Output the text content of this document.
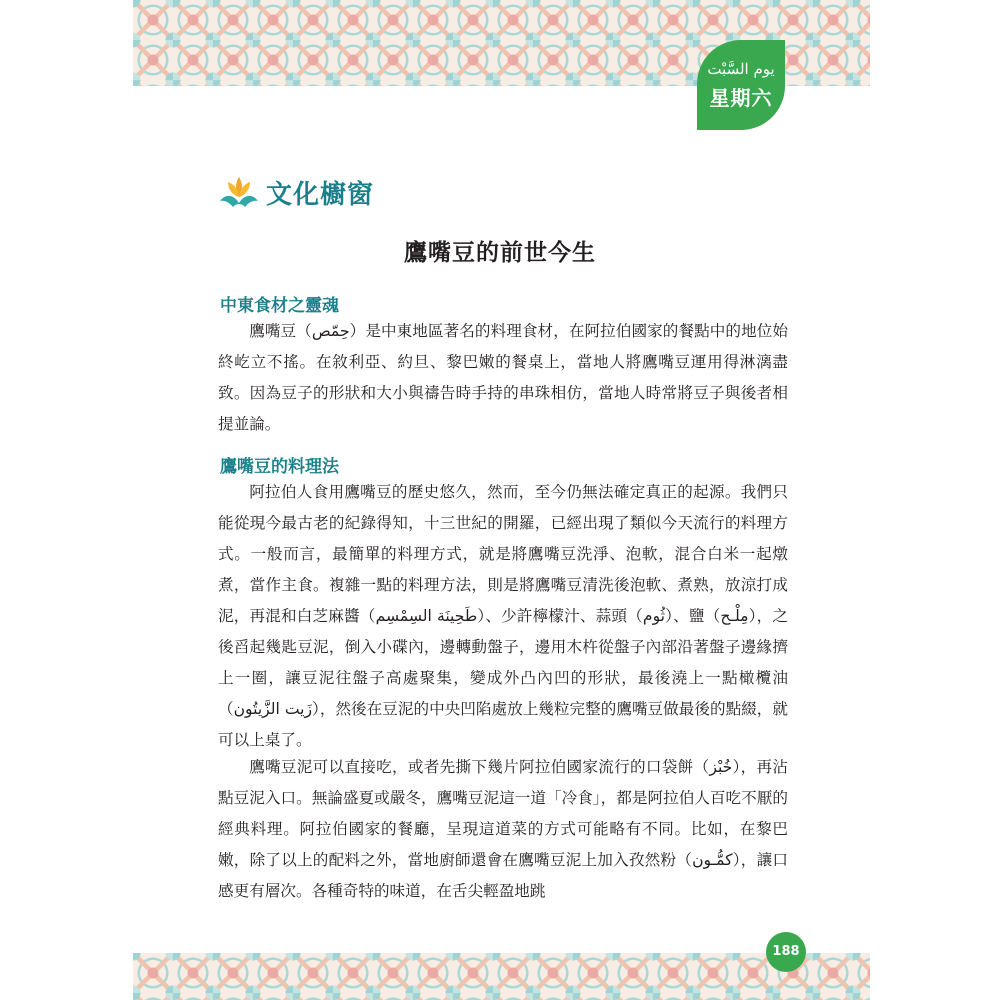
يوم السَّبْت
星期六
文化櫥窗
鷹嘴豆的前世今生
中東食材之靈魂

鷹嘴豆（حِمّص）是中東地區著名的料理食材，在阿拉伯國家的餐點中的地位始終屹立不搖。在敘利亞、約旦、黎巴嫩的餐桌上，當地人將鷹嘴豆運用得淋漓盡致。因為豆子的形狀和大小與禱告時手持的串珠相仿，當地人時常將豆子與後者相提並論。

鷹嘴豆的料理法

阿拉伯人食用鷹嘴豆的歷史悠久，然而，至今仍無法確定真正的起源。我們只能從現今最古老的紀錄得知，十三世紀的開羅，已經出現了類似今天流行的料理方式。一般而言，最簡單的料理方式，就是將鷹嘴豆洗淨、泡軟，混合白米一起燉煮，當作主食。複雜一點的料理方法，則是將鷹嘴豆清洗後泡軟、煮熟，放涼打成泥，再混和白芝麻醬（طَحِينَة السِمْسِم）、少許檸檬汁、蒜頭（ثُوم）、鹽（مِلْـح），之後舀起幾匙豆泥，倒入小碟內，邊轉動盤子，邊用木杵從盤子內部沿著盤子邊緣擠上一圈，讓豆泥往盤子高處聚集，變成外凸內凹的形狀，最後澆上一點橄欖油（زَيت الزَّيتُون），然後在豆泥的中央凹陷處放上幾粒完整的鷹嘴豆做最後的點綴，就可以上桌了。

鷹嘴豆泥可以直接吃，或者先撕下幾片阿拉伯國家流行的口袋餅（خُبْز），再沾點豆泥入口。無論盛夏或嚴冬，鷹嘴豆泥這一道「冷食」，都是阿拉伯人百吃不厭的經典料理。阿拉伯國家的餐廳，呈現這道菜的方式可能略有不同。比如，在黎巴嫩，除了以上的配料之外，當地廚師還會在鷹嘴豆泥上加入孜然粉（كمُّـون），讓口感更有層次。各種奇特的味道，在舌尖輕盈地跳

188
